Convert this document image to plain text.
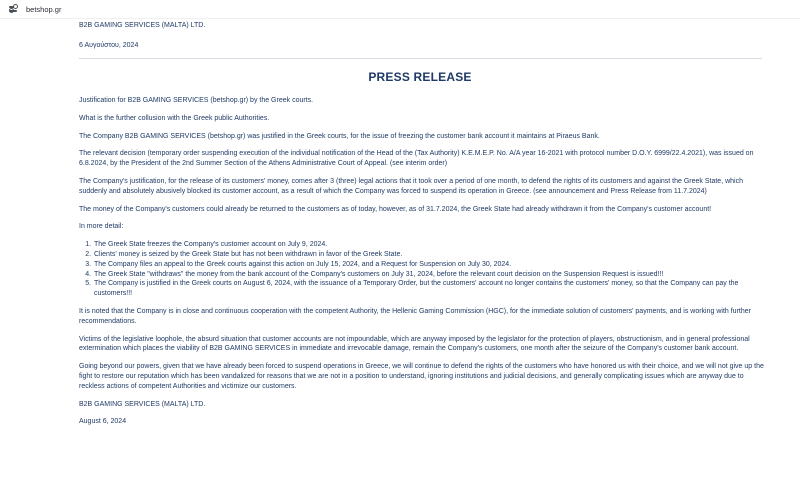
betshop.gr
B2B GAMING SERVICES (MALTA) LTD.
6 Αυγούστου, 2024
PRESS RELEASE

Justification for B2B GAMING SERVICES (betshop.gr) by the Greek courts.

What is the further collusion with the Greek public Authorities.

The Company B2B GAMING SERVICES (betshop.gr) was justified in the Greek courts, for the issue of freezing the customer bank account it maintains at Piraeus Bank.

The relevant decision (temporary order suspending execution of the individual notification of the Head of the (Tax Authority) K.E.M.E.P. No. A/A year 16-2021 with protocol number D.O.Y. 6999/22.4.2021), was issued on 6.8.2024, by the President of the 2nd Summer Section of the Athens Administrative Court of Appeal. (see interim order)

The Company's justification, for the release of its customers' money, comes after 3 (three) legal actions that it took over a period of one month, to defend the rights of its customers and against the Greek State, which suddenly and absolutely abusively blocked its customer account, as a result of which the Company was forced to suspend its operation in Greece. (see announcement and Press Release from 11.7.2024)

The money of the Company's customers could already be returned to the customers as of today, however, as of 31.7.2024, the Greek State had already withdrawn it from the Company's customer account!

In more detail:

1. The Greek State freezes the Company's customer account on July 9, 2024.
2. Clients' money is seized by the Greek State but has not been withdrawn in favor of the Greek State.
3. The Company files an appeal to the Greek courts against this action on July 15, 2024, and a Request for Suspension on July 30, 2024.
4. The Greek State "withdraws" the money from the bank account of the Company's customers on July 31, 2024, before the relevant court decision on the Suspension Request is issued!!!
5. The Company is justified in the Greek courts on August 6, 2024, with the issuance of a Temporary Order, but the customers' account no longer contains the customers' money, so that the Company can pay the customers!!!

It is noted that the Company is in close and continuous cooperation with the competent Authority, the Hellenic Gaming Commission (HGC), for the immediate solution of customers' payments, and is working with further recommendations.

Victims of the legislative loophole, the absurd situation that customer accounts are not impoundable, which are anyway imposed by the legislator for the protection of players, obstructionism, and in general professional extermination which places the viability of B2B GAMING SERVICES in immediate and irrevocable damage, remain the Company's customers, one month after the seizure of the Company's customer bank account.

Going beyond our powers, given that we have already been forced to suspend operations in Greece, we will continue to defend the rights of the customers who have honored us with their choice, and we will not give up the fight to restore our reputation which has been vandalized for reasons that we are not in a position to understand, ignoring institutions and judicial decisions, and generally complicating issues which are anyway due to reckless actions of competent Authorities and victimize our customers.

B2B GAMING SERVICES (MALTA) LTD.

August 6, 2024
